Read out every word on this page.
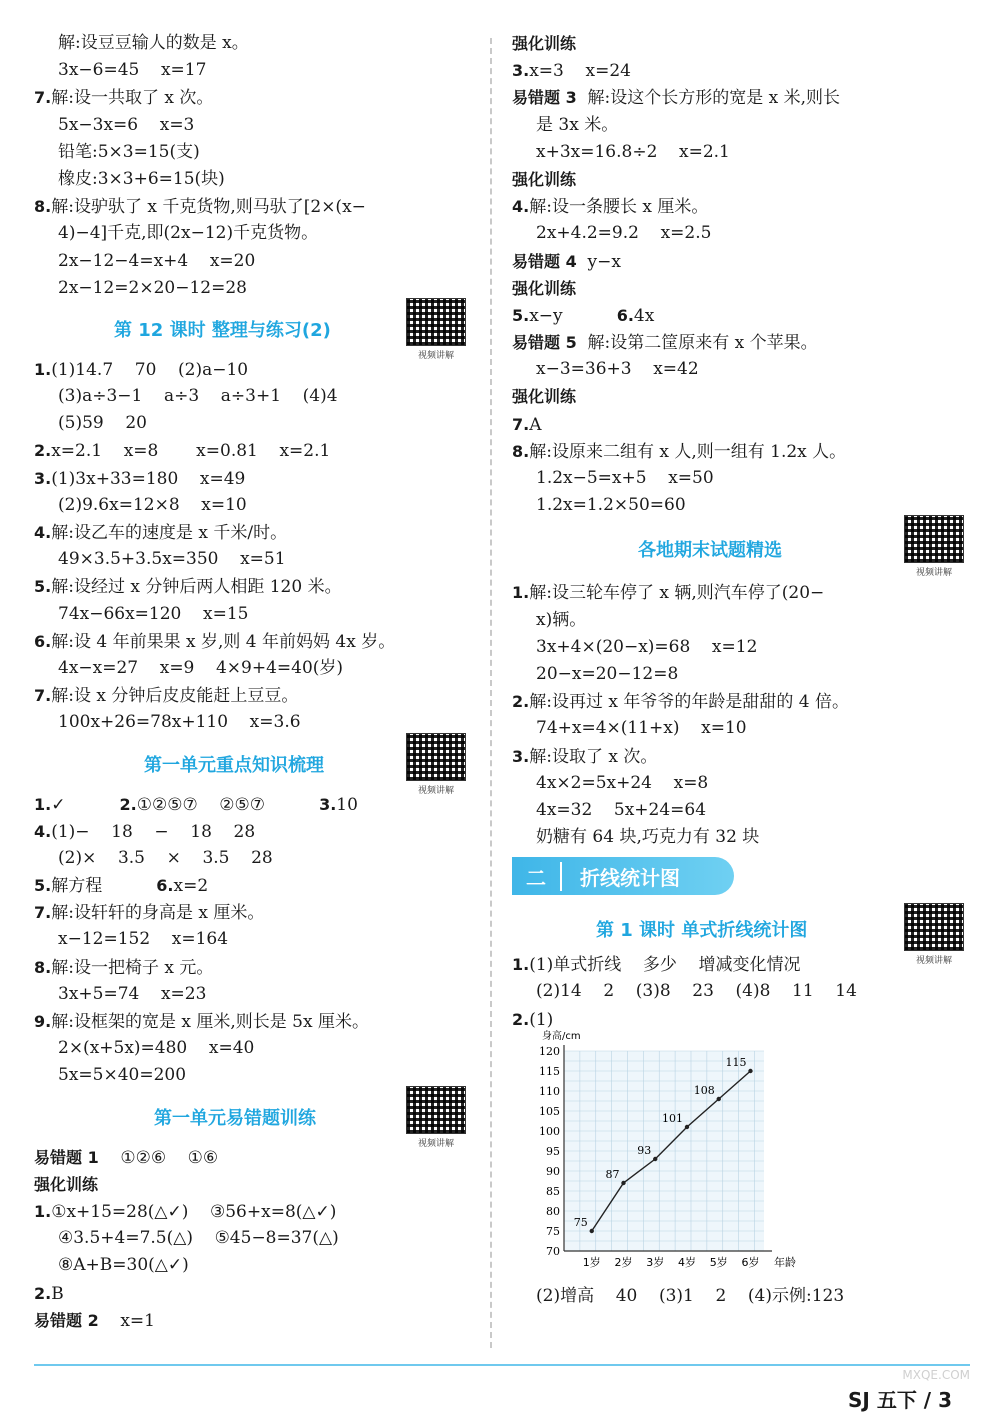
解:设豆豆输人的数是 x。
3x−6=45    x=17
7.解:设一共取了 x 次。
5x−3x=6    x=3
铅笔:5×3=15(支)
橡皮:3×3+6=15(块)
8.解:设驴驮了 x 千克货物,则马驮了[2×(x−
4)−4]千克,即(2x−12)千克货物。
2x−12−4=x+4    x=20
2x−12=2×20−12=28
第 12 课时 整理与练习(2)
视频讲解
1.(1)14.7    70    (2)a−10
(3)a÷3−1    a÷3    a÷3+1    (4)4
(5)59    20
2.x=2.1    x=8       x=0.81    x=2.1
3.(1)3x+33=180    x=49
(2)9.6x=12×8    x=10
4.解:设乙车的速度是 x 千米/时。
49×3.5+3.5x=350    x=51
5.解:设经过 x 分钟后两人相距 120 米。
74x−66x=120    x=15
6.解:设 4 年前果果 x 岁,则 4 年前妈妈 4x 岁。
4x−x=27    x=9    4×9+4=40(岁)
7.解:设 x 分钟后皮皮能赶上豆豆。
100x+26=78x+110    x=3.6
第一单元重点知识梳理
视频讲解
1.✓          2.①②⑤⑦    ②⑤⑦          3.10
4.(1)−    18    −    18    28
(2)×    3.5    ×    3.5    28
5.解方程          6.x=2
7.解:设轩轩的身高是 x 厘米。
x−12=152    x=164
8.解:设一把椅子 x 元。
3x+5=74    x=23
9.解:设框架的宽是 x 厘米,则长是 5x 厘米。
2×(x+5x)=480    x=40
5x=5×40=200
第一单元易错题训练
视频讲解
易错题 1    ①②⑥    ①⑥
强化训练
1.①x+15=28(△✓)    ③56+x=8(△✓)
④3.5+4=7.5(△)    ⑤45−8=37(△)
⑧A+B=30(△✓)
2.B
易错题 2    x=1
强化训练
3.x=3    x=24
易错题 3  解:设这个长方形的宽是 x 米,则长
是 3x 米。
x+3x=16.8÷2    x=2.1
强化训练
4.解:设一条腰长 x 厘米。
2x+4.2=9.2    x=2.5
易错题 4  y−x
强化训练
5.x−y          6.4x
易错题 5  解:设第二筐原来有 x 个苹果。
x−3=36+3    x=42
强化训练
7.A
8.解:设原来二组有 x 人,则一组有 1.2x 人。
1.2x−5=x+5    x=50
1.2x=1.2×50=60
各地期末试题精选
视频讲解
1.解:设三轮车停了 x 辆,则汽车停了(20−
x)辆。
3x+4×(20−x)=68    x=12
20−x=20−12=8
2.解:设再过 x 年爷爷的年龄是甜甜的 4 倍。
74+x=4×(11+x)    x=10
3.解:设取了 x 次。
4x×2=5x+24    x=8
4x=32    5x+24=64
奶糖有 64 块,巧克力有 32 块
二	折线统计图
第 1 课时 单式折线统计图
视频讲解
1.(1)单式折线    多少    增减变化情况
(2)14    2    (3)8    23    (4)8    11    14
2.(1)
70
75
80
85
90
95
100
105
110
115
120
身高/cm
1岁 2岁 3岁 4岁 5岁 6岁 年龄
75
87
93
101
108
115
(2)增高    40    (3)1    2    (4)示例:123
SJ 五下 / 3
MXQE.COM
